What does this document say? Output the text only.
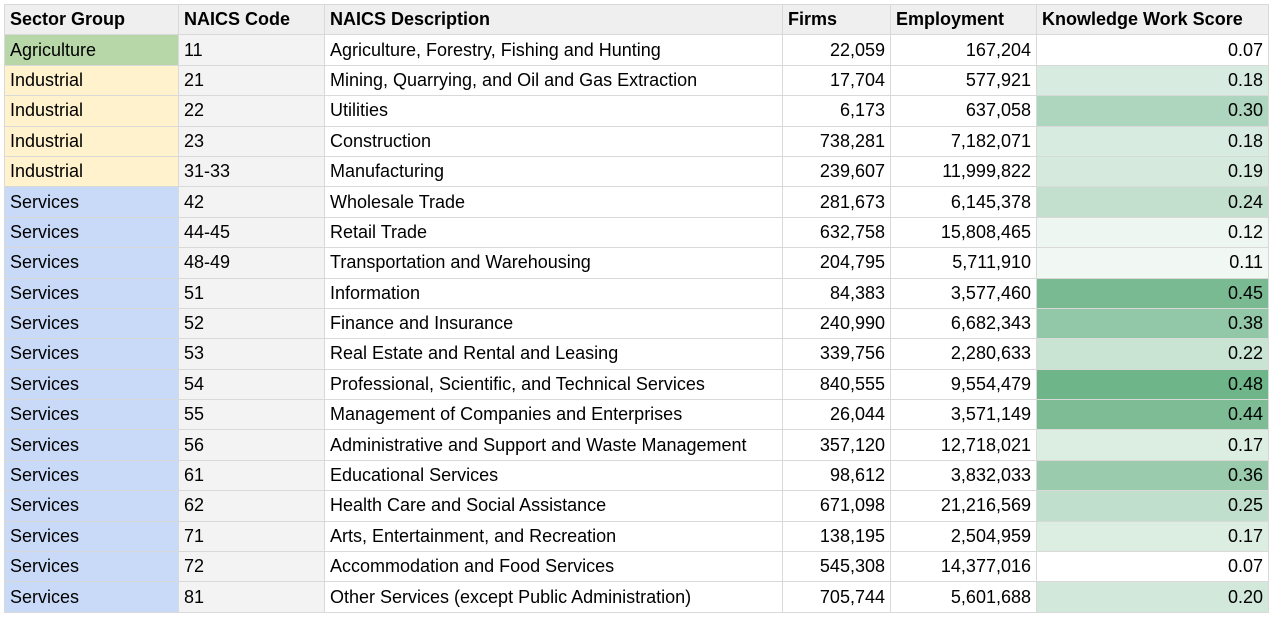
Sector Group	NAICS Code	NAICS Description	Firms	Employment	Knowledge Work Score
Agriculture	11	Agriculture, Forestry, Fishing and Hunting	22,059	167,204	0.07
Industrial	21	Mining, Quarrying, and Oil and Gas Extraction	17,704	577,921	0.18
Industrial	22	Utilities	6,173	637,058	0.30
Industrial	23	Construction	738,281	7,182,071	0.18
Industrial	31-33	Manufacturing	239,607	11,999,822	0.19
Services	42	Wholesale Trade	281,673	6,145,378	0.24
Services	44-45	Retail Trade	632,758	15,808,465	0.12
Services	48-49	Transportation and Warehousing	204,795	5,711,910	0.11
Services	51	Information	84,383	3,577,460	0.45
Services	52	Finance and Insurance	240,990	6,682,343	0.38
Services	53	Real Estate and Rental and Leasing	339,756	2,280,633	0.22
Services	54	Professional, Scientific, and Technical Services	840,555	9,554,479	0.48
Services	55	Management of Companies and Enterprises	26,044	3,571,149	0.44
Services	56	Administrative and Support and Waste Management	357,120	12,718,021	0.17
Services	61	Educational Services	98,612	3,832,033	0.36
Services	62	Health Care and Social Assistance	671,098	21,216,569	0.25
Services	71	Arts, Entertainment, and Recreation	138,195	2,504,959	0.17
Services	72	Accommodation and Food Services	545,308	14,377,016	0.07
Services	81	Other Services (except Public Administration)	705,744	5,601,688	0.20
